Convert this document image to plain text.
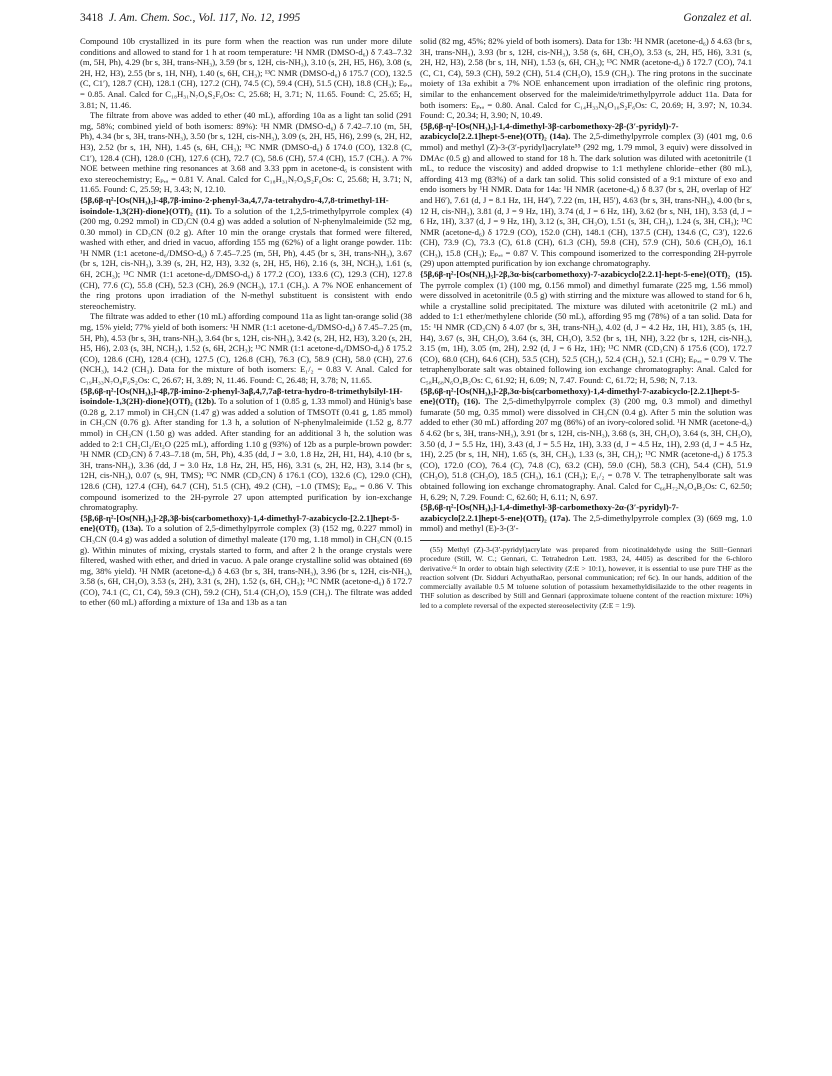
3418 J. Am. Chem. Soc., Vol. 117, No. 12, 1995	Gonzalez et al.

Compound 10b crystallized in its pure form when the reaction was run under more dilute conditions and allowed to stand for 1 h at room temperature: ¹H NMR (DMSO-d₆) δ 7.43–7.32 (m, 5H, Ph), 4.29 (br s, 3H, trans-NH₃), 3.59 (br s, 12H, cis-NH₃), 3.10 (s, 2H, H5, H6), 3.08 (s, 2H, H2, H3), 2.55 (br s, 1H, NH), 1.40 (s, 6H, CH₃); ¹³C NMR (DMSO-d₆) δ 175.7 (CO), 132.5 (C, C1′), 128.7 (CH), 128.1 (CH), 127.2 (CH), 74.5 (C), 59.4 (CH), 51.5 (CH), 18.8 (CH₃); Eₚ,ₐ = 0.85. Anal. Calcd for C₁₈H₃₁N₇O₈S₂F₆Os: C, 25.68; H, 3.71; N, 11.65. Found: C, 25.65; H, 3.81; N, 11.46.

The filtrate from above was added to ether (40 mL), affording 10a as a light tan solid (291 mg, 58%; combined yield of both isomers: 89%): ¹H NMR (DMSO-d₆) δ 7.42–7.10 (m, 5H, Ph), 4.34 (br s, 3H, trans-NH₃), 3.50 (br s, 12H, cis-NH₃), 3.09 (s, 2H, H5, H6), 2.99 (s, 2H, H2, H3), 2.52 (br s, 1H, NH), 1.45 (s, 6H, CH₃); ¹³C NMR (DMSO-d₆) δ 174.0 (CO), 132.8 (C, C1′), 128.4 (CH), 128.0 (CH), 127.6 (CH), 72.7 (C), 58.6 (CH), 57.4 (CH), 15.7 (CH₃). A 7% NOE between methine ring resonances at 3.68 and 3.33 ppm in acetone-d₆ is consistent with exo stereochemistry; Eₚ,ₐ = 0.81 V. Anal. Calcd for C₁₈H₃₁N₇O₈S₂F₆Os: C, 25.68; H, 3.71; N, 11.65. Found: C, 25.59; H, 3.43; N, 12.10.

{5β,6β-η²-[Os(NH₃)₅]-4β,7β-imino-2-phenyl-3a,4,7,7a-tetrahydro-4,7,8-trimethyl-1H-isoindole-1,3(2H)-dione}(OTf)₂ (11). To a solution of the 1,2,5-trimethylpyrrole complex (4) (200 mg, 0.292 mmol) in CD₃CN (0.4 g) was added a solution of N-phenylmaleimide (52 mg, 0.30 mmol) in CD₃CN (0.2 g). After 10 min the orange crystals that formed were filtered, washed with ether, and dried in vacuo, affording 155 mg (62%) of a light orange powder. 11b: ¹H NMR (1:1 acetone-d₆/DMSO-d₆) δ 7.45–7.25 (m, 5H, Ph), 4.45 (br s, 3H, trans-NH₃), 3.67 (br s, 12H, cis-NH₃), 3.39 (s, 2H, H2, H3), 3.32 (s, 2H, H5, H6), 2.16 (s, 3H, NCH₃), 1.61 (s, 6H, 2CH₃); ¹³C NMR (1:1 acetone-d₆/DMSO-d₆) δ 177.2 (CO), 133.6 (C), 129.3 (CH), 127.8 (CH), 77.6 (C), 55.8 (CH), 52.3 (CH), 26.9 (NCH₃), 17.1 (CH₃). A 7% NOE enhancement of the ring protons upon irradiation of the N-methyl substituent is consistent with endo stereochemistry.

The filtrate was added to ether (10 mL) affording compound 11a as light tan-orange solid (38 mg, 15% yield; 77% yield of both isomers: ¹H NMR (1:1 acetone-d₆/DMSO-d₆) δ 7.45–7.25 (m, 5H, Ph), 4.53 (br s, 3H, trans-NH₃), 3.64 (br s, 12H, cis-NH₃), 3.42 (s, 2H, H2, H3), 3.20 (s, 2H, H5, H6), 2.03 (s, 3H, NCH₃), 1.52 (s, 6H, 2CH₃); ¹³C NMR (1:1 acetone-d₆/DMSO-d₆) δ 175.2 (CO), 128.6 (CH), 128.4 (CH), 127.5 (C), 126.8 (CH), 76.3 (C), 58.9 (CH), 58.0 (CH), 27.6 (NCH₃), 14.2 (CH₃). Data for the mixture of both isomers: E₁/₂ = 0.83 V. Anal. Calcd for C₁₉H₃₃N₇O₈F₆S₂Os: C, 26.67; H, 3.89; N, 11.46. Found: C, 26.48; H, 3.78; N, 11.65.

{5β,6β-η²-[Os(NH₃)₅]-4β,7β-imino-2-phenyl-3aβ,4,7,7aβ-tetra-hydro-8-trimethylsilyl-1H-isoindole-1,3(2H)-dione}(OTf)₂ (12b). To a solution of 1 (0.85 g, 1.33 mmol) and Hünig's base (0.28 g, 2.17 mmol) in CH₃CN (1.47 g) was added a solution of TMSOTf (0.41 g, 1.85 mmol) in CH₃CN (0.76 g). After standing for 1.3 h, a solution of N-phenylmaleimide (1.52 g, 8.77 mmol) in CH₃CN (1.50 g) was added. After standing for an additional 3 h, the solution was added to 2:1 CH₂Cl₂/Et₂O (225 mL), affording 1.10 g (93%) of 12b as a purple-brown powder: ¹H NMR (CD₃CN) δ 7.43–7.18 (m, 5H, Ph), 4.35 (dd, J = 3.0, 1.8 Hz, 2H, H1, H4), 4.10 (br s, 3H, trans-NH₃), 3.36 (dd, J = 3.0 Hz, 1.8 Hz, 2H, H5, H6), 3.31 (s, 2H, H2, H3), 3.14 (br s, 12H, cis-NH₃), 0.07 (s, 9H, TMS); ¹³C NMR (CD₃CN) δ 176.1 (CO), 132.6 (C), 129.0 (CH), 128.6 (CH), 127.4 (CH), 64.7 (CH), 51.5 (CH), 49.2 (CH), −1.0 (TMS); Eₚ,ₐ = 0.86 V. This compound isomerized to the 2H-pyrrole 27 upon attempted purification by ion-exchange chromatography.

{5β,6β-η²-[Os(NH₃)₅]-2β,3β-bis(carbomethoxy)-1,4-dimethyl-7-azabicyclo-[2.2.1]hept-5-ene}(OTf)₂ (13a). To a solution of 2,5-dimethylpyrrole complex (3) (152 mg, 0.227 mmol) in CH₃CN (0.4 g) was added a solution of dimethyl maleate (170 mg, 1.18 mmol) in CH₃CN (0.15 g). Within minutes of mixing, crystals started to form, and after 2 h the orange crystals were filtered, washed with ether, and dried in vacuo. A pale orange crystalline solid was obtained (69 mg, 38% yield). ¹H NMR (acetone-d₆) δ 4.63 (br s, 3H, trans-NH₃), 3.96 (br s, 12H, cis-NH₃), 3.58 (s, 6H, CH₃O), 3.53 (s, 2H), 3.31 (s, 2H), 1.52 (s, 6H, CH₃); ¹³C NMR (acetone-d₆) δ 172.7 (CO), 74.1 (C, C1, C4), 59.3 (CH), 59.2 (CH), 51.4 (CH₃O), 15.9 (CH₃). The filtrate was added to ether (60 mL) affording a mixture of 13a and 13b as a tan

solid (82 mg, 45%; 82% yield of both isomers). Data for 13b: ¹H NMR (acetone-d₆) δ 4.63 (br s, 3H, trans-NH₃), 3.93 (br s, 12H, cis-NH₃), 3.58 (s, 6H, CH₃O), 3.53 (s, 2H, H5, H6), 3.31 (s, 2H, H2, H3), 2.58 (br s, 1H, NH), 1.53 (s, 6H, CH₃); ¹³C NMR (acetone-d₆) δ 172.7 (CO), 74.1 (C, C1, C4), 59.3 (CH), 59.2 (CH), 51.4 (CH₃O), 15.9 (CH₃). The ring protons in the succinate moiety of 13a exhibit a 7% NOE enhancement upon irradiation of the olefinic ring protons, similar to the enhancement observed for the maleimide/trimethylpyrrole adduct 11a. Data for both isomers: Eₚ,ₐ = 0.80. Anal. Calcd for C₁₄H₃₃N₆O₁₀S₂F₆Os: C, 20.69; H, 3.97; N, 10.34. Found: C, 20.34; H, 3.90; N, 10.49.

{5β,6β-η²-[Os(NH₃)₅]-1,4-dimethyl-3β-carbomethoxy-2β-(3′-pyridyl)-7-azabicyclo[2.2.1]hept-5-ene}(OTf)₂ (14a). The 2,5-dimethylpyrrole complex (3) (401 mg, 0.6 mmol) and methyl (Z)-3-(3′-pyridyl)acrylate⁵⁵ (292 mg, 1.79 mmol, 3 equiv) were dissolved in DMAc (0.5 g) and allowed to stand for 18 h. The dark solution was diluted with acetonitrile (1 mL, to reduce the viscosity) and added dropwise to 1:1 methylene chloride−ether (80 mL), affording 413 mg (83%) of a dark tan solid. This solid consisted of a 9:1 mixture of exo and endo isomers by ¹H NMR. Data for 14a: ¹H NMR (acetone-d₆) δ 8.37 (br s, 2H, overlap of H2′ and H6′), 7.61 (d, J = 8.1 Hz, 1H, H4′), 7.22 (m, 1H, H5′), 4.63 (br s, 3H, trans-NH₃), 4.00 (br s, 12 H, cis-NH₃), 3.81 (d, J = 9 Hz, 1H), 3.74 (d, J = 6 Hz, 1H), 3.62 (br s, NH, 1H), 3.53 (d, J = 6 Hz, 1H), 3.37 (d, J = 9 Hz, 1H), 3.12 (s, 3H, CH₃O), 1.51 (s, 3H, CH₃), 1.24 (s, 3H, CH₃); ¹³C NMR (acetone-d₆) δ 172.9 (CO), 152.0 (CH), 148.1 (CH), 137.5 (CH), 134.6 (C, C3′), 122.6 (CH), 73.9 (C), 73.3 (C), 61.8 (CH), 61.3 (CH), 59.8 (CH), 57.9 (CH), 50.6 (CH₃O), 16.1 (CH₃), 15.8 (CH₃); Eₚ,ₐ = 0.87 V. This compound isomerized to the corresponding 2H-pyrrole (29) upon attempted purification by ion exchange chromatography.

{5β,6β-η²-[Os(NH₃)₅]-2β,3α-bis(carbomethoxy)-7-azabicyclo[2.2.1]-hept-5-ene}(OTf)₂ (15). The pyrrole complex (1) (100 mg, 0.156 mmol) and dimethyl fumarate (225 mg, 1.56 mmol) were dissolved in acetonitrile (0.5 g) with stirring and the mixture was allowed to stand for 6 h, while a crystalline solid precipitated. The mixture was diluted with acetonitrile (2 mL) and added to 1:1 ether/methylene chloride (50 mL), affording 95 mg (78%) of a tan solid. Data for 15: ¹H NMR (CD₃CN) δ 4.07 (br s, 3H, trans-NH₃), 4.02 (d, J = 4.2 Hz, 1H, H1), 3.85 (s, 1H, H4), 3.67 (s, 3H, CH₃O), 3.64 (s, 3H, CH₃O), 3.52 (br s, 1H, NH), 3.22 (br s, 12H, cis-NH₃), 3.15 (m, 1H), 3.05 (m, 2H), 2.92 (d, J = 6 Hz, 1H); ¹³C NMR (CD₃CN) δ 175.6 (CO), 172.7 (CO), 68.0 (CH), 64.6 (CH), 53.5 (CH), 52.5 (CH₃), 52.4 (CH₃), 52.1 (CH); Eₚ,ₐ = 0.79 V. The tetraphenylborate salt was obtained following ion exchange chromatography: Anal. Calcd for C₅₈H₆₈N₆O₄B₂Os: C, 61.92; H, 6.09; N, 7.47. Found: C, 61.72; H, 5.98; N, 7.13.

{5β,6β-η²-[Os(NH₃)₅]-2β,3α-bis(carbomethoxy)-1,4-dimethyl-7-azabicyclo-[2.2.1]hept-5-ene}(OTf)₂ (16). The 2,5-dimethylpyrrole complex (3) (200 mg, 0.3 mmol) and dimethyl fumarate (50 mg, 0.35 mmol) were dissolved in CH₃CN (0.4 g). After 5 min the solution was added to ether (30 mL) affording 207 mg (86%) of an ivory-colored solid. ¹H NMR (acetone-d₆) δ 4.62 (br s, 3H, trans-NH₃), 3.91 (br s, 12H, cis-NH₃), 3.68 (s, 3H, CH₃O), 3.64 (s, 3H, CH₃O), 3.50 (d, J = 5.5 Hz, 1H), 3.43 (d, J = 5.5 Hz, 1H), 3.33 (d, J = 4.5 Hz, 1H), 2.93 (d, J = 4.5 Hz, 1H), 2.25 (br s, 1H, NH), 1.65 (s, 3H, CH₃), 1.33 (s, 3H, CH₃); ¹³C NMR (acetone-d₆) δ 175.3 (CO), 172.0 (CO), 76.4 (C), 74.8 (C), 63.2 (CH), 59.0 (CH), 58.3 (CH), 54.4 (CH), 51.9 (CH₃O), 51.8 (CH₃O), 18.5 (CH₃), 16.1 (CH₃); E₁/₂ = 0.78 V. The tetraphenylborate salt was obtained following ion exchange chromatography. Anal. Calcd for C₆₀H₇₂N₆O₄B₂Os: C, 62.50; H, 6.29; N, 7.29. Found: C, 62.60; H, 6.11; N, 6.97.

{5β,6β-η²-[Os(NH₃)₅]-1,4-dimethyl-3β-carbomethoxy-2α-(3′-pyridyl)-7-azabicyclo[2.2.1]hept-5-ene}(OTf)₂ (17a). The 2,5-dimethylpyrrole complex (3) (669 mg, 1.0 mmol) and methyl (E)-3-(3′-

(55) Methyl (Z)-3-(3′-pyridyl)acrylate was prepared from nicotinaldehyde using the Still−Gennari procedure (Still, W. C.; Gennari, C. Tetrahedron Lett. 1983, 24, 4405) as described for the 6-chloro derivative.⁶ᶜ In order to obtain high selectivity (Z:E > 10:1), however, it is essential to use pure THF as the reaction solvent (Dr. Sidduri AchyuthaRao, personal communication; ref 6c). In our hands, addition of the commercially available 0.5 M toluene solution of potassium hexamethyldisilazide to the other reagents in THF solution as described by Still and Gennari (approximate toluene content of the reaction mixture: 10%) led to a complete reversal of the expected stereoselectivity (Z:E = 1:9).
